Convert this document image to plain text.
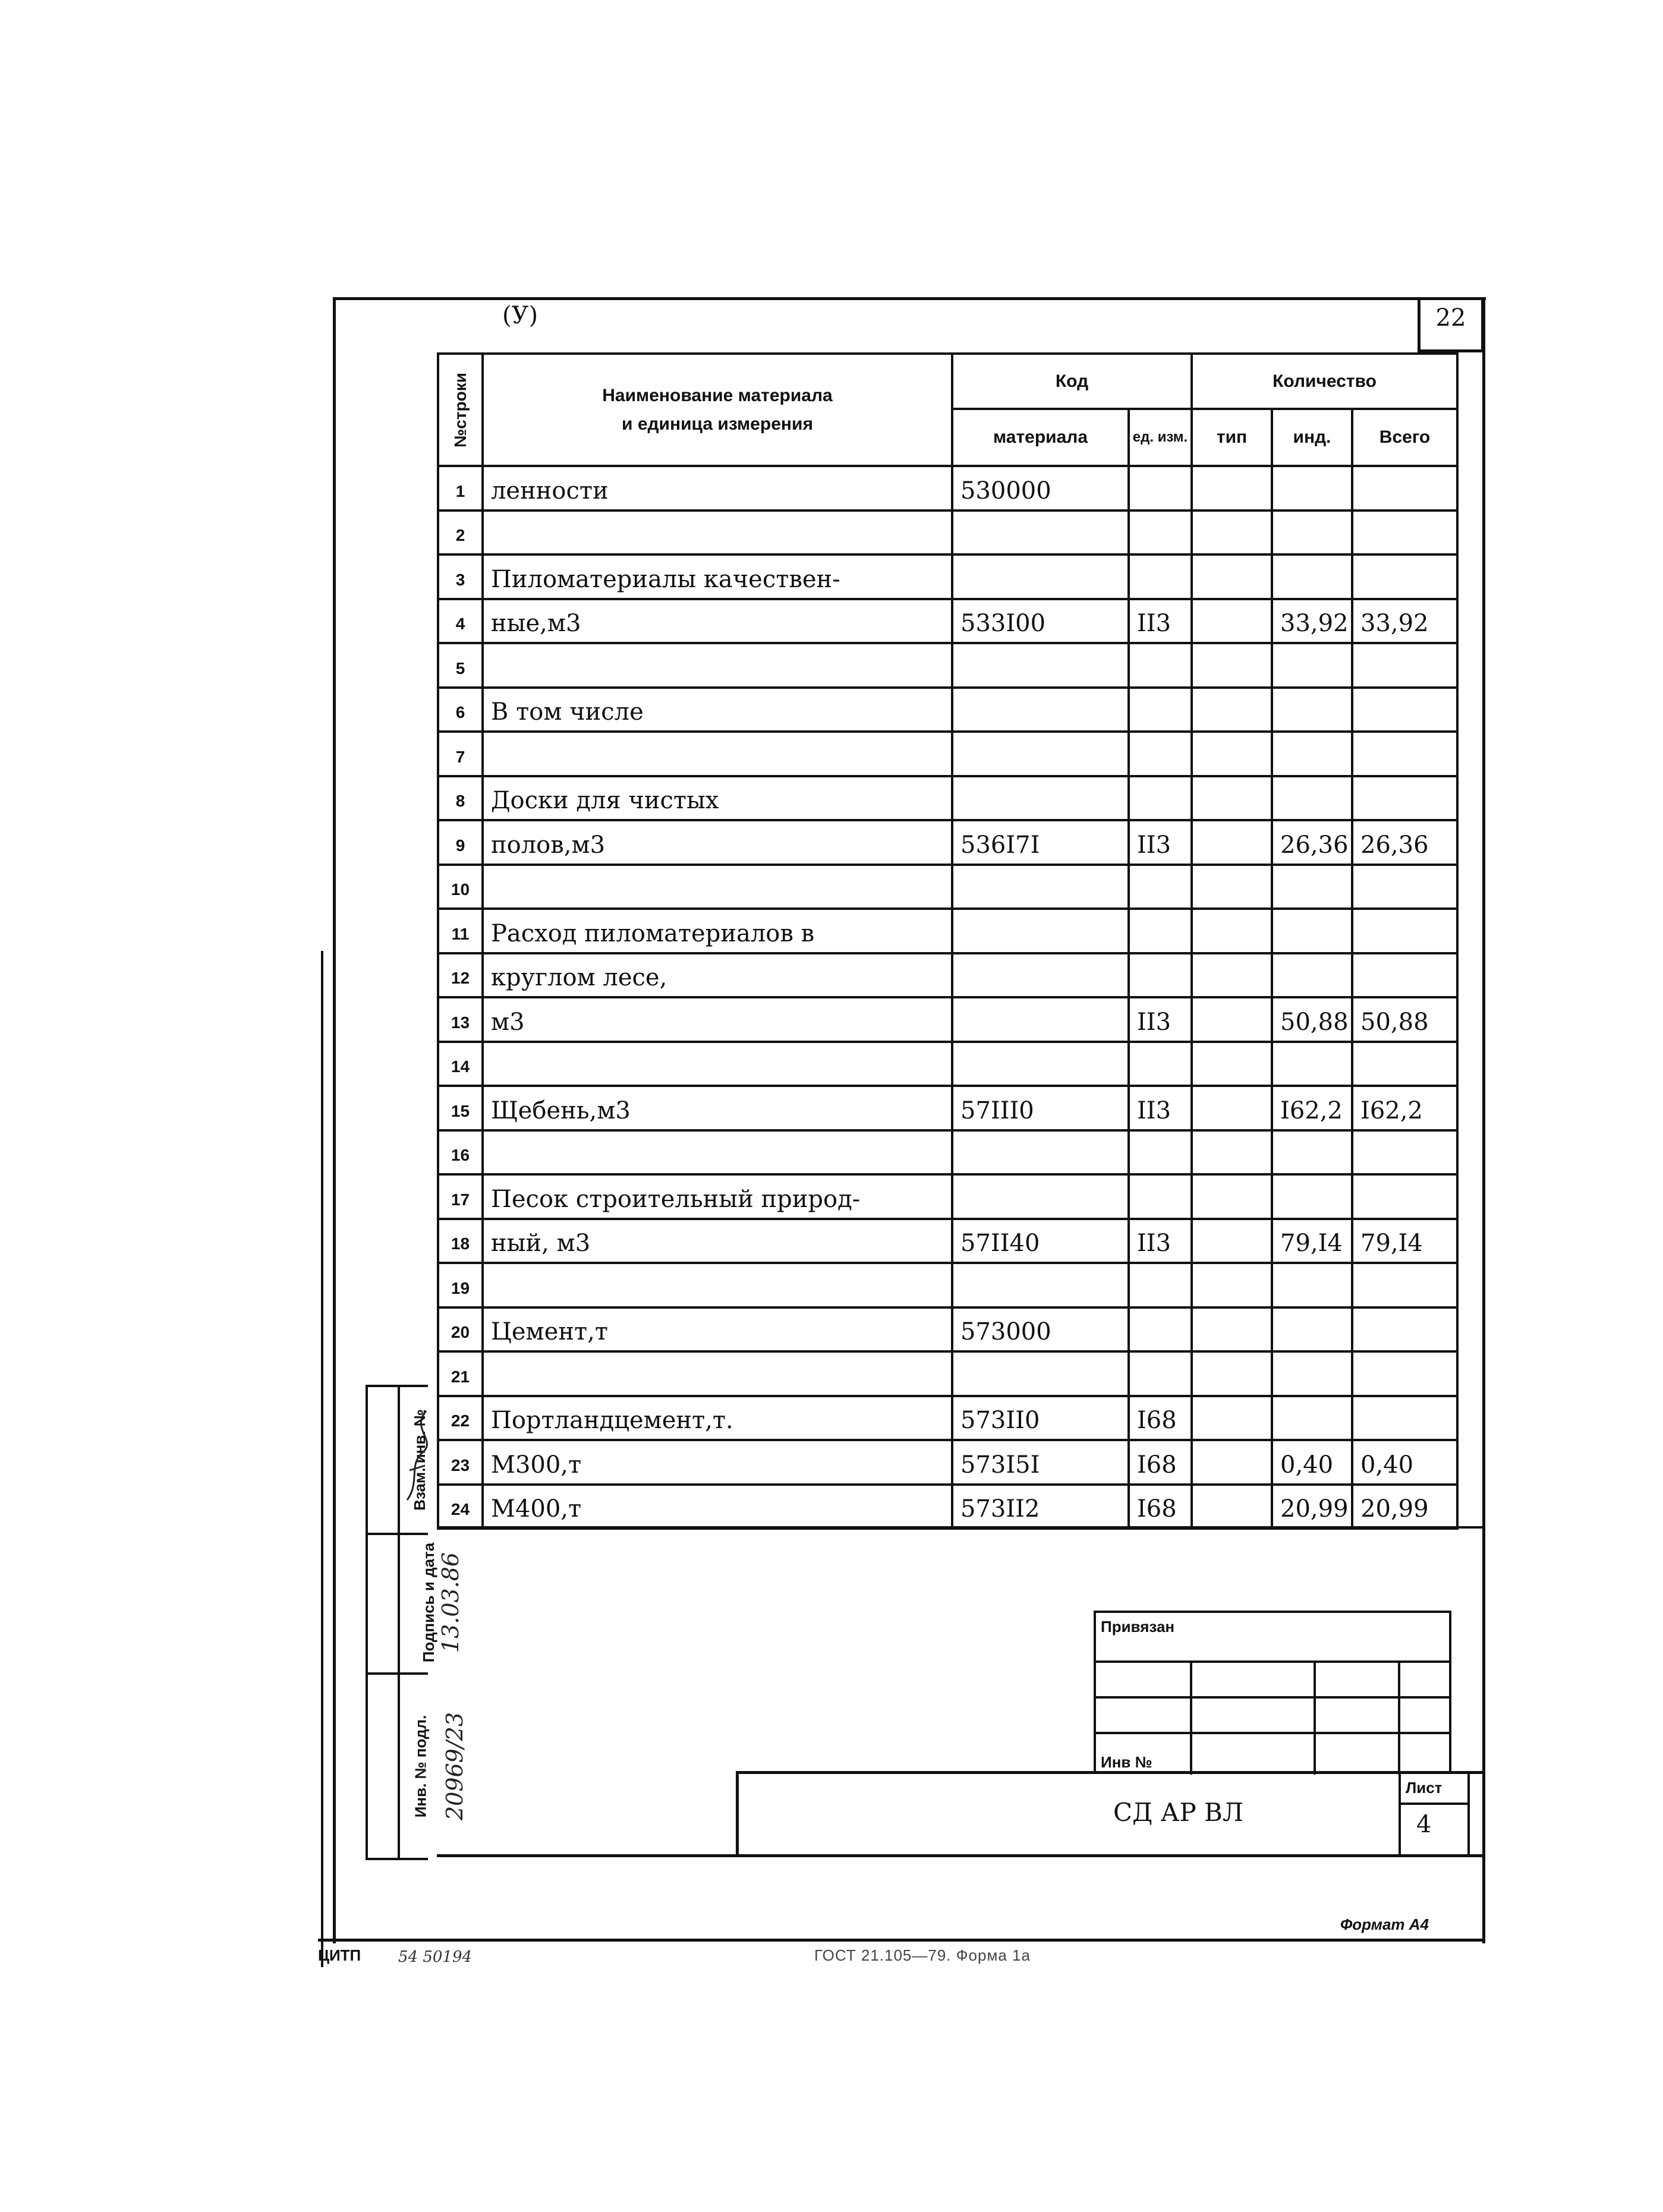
(У)	22
№строки	Наименование материала
и единица измерения	Код		Количество		
		материала	ед. изм.	тип	инд.	Всего
1	ленности	530000				
2						
3	Пиломатериалы качествен-					
4	ные,м3	533I00	II3		33,92	33,92
5						
6	В том числе					
7						
8	Доски для чистых					
9	полов,м3	536I7I	II3		26,36	26,36
10						
11	Расход пиломатериалов в					
12	круглом лесе,					
13	м3		II3		50,88	50,88
14						
15	Щебень,м3	57III0	II3		I62,2	I62,2
16						
17	Песок строительный природ-					
18	ный, м3	57II40	II3		79,I4	79,I4
19						
20	Цемент,т	573000				
21						
22	Портландцемент,т.	573II0	I68			
23	М300,т	573I5I	I68		0,40	0,40
24	М400,т	573II2	I68		20,99	20,99
Взам. инв. №
Подпись и дата
Инв. № подл.
13.03.86
20969/23
Привязан
Инв №
СД АР ВЛ
Лист
4
Формат А4
ЦИТП 54 50194	ГОСТ 21.105—79. Форма 1а
